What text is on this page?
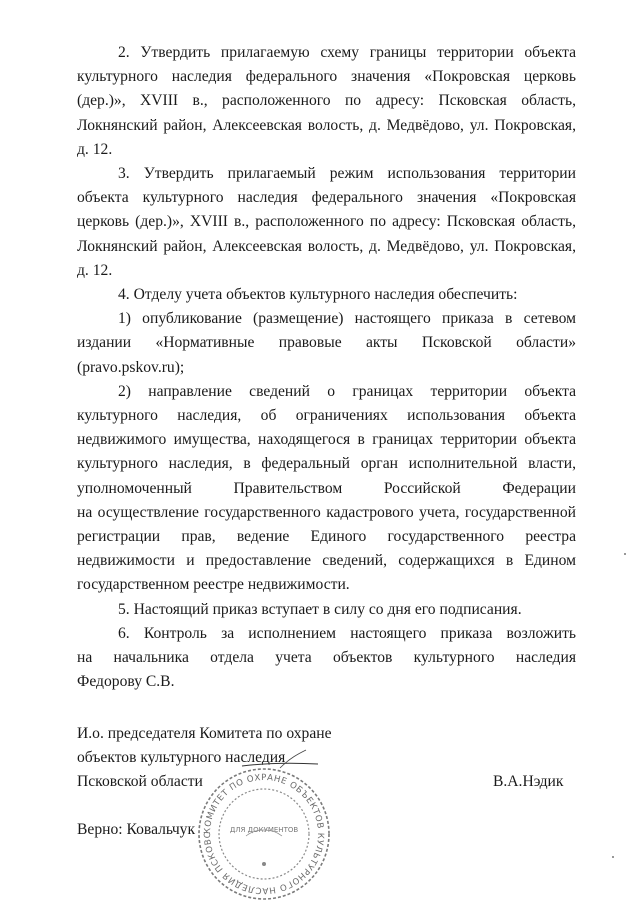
2. Утвердить прилагаемую схему границы территории объекта
культурного наследия федерального значения «Покровская церковь
(дер.)», XVIII в., расположенного по адресу: Псковская область,
Локнянский район, Алексеевская волость, д. Медвёдово, ул. Покровская,
д. 12.

3. Утвердить прилагаемый режим использования территории
объекта культурного наследия федерального значения «Покровская
церковь (дер.)», XVIII в., расположенного по адресу: Псковская область,
Локнянский район, Алексеевская волость, д. Медвёдово, ул. Покровская,
д. 12.

4. Отделу учета объектов культурного наследия обеспечить:

1) опубликование (размещение) настоящего приказа в сетевом
издании «Нормативные правовые акты Псковской области»
(pravo.pskov.ru);

2) направление сведений о границах территории объекта
культурного наследия, об ограничениях использования объекта
недвижимого имущества, находящегося в границах территории объекта
культурного наследия, в федеральный орган исполнительной власти,
уполномоченный Правительством Российской Федерации
на осуществление государственного кадастрового учета, государственной
регистрации прав, ведение Единого государственного реестра
недвижимости и предоставление сведений, содержащихся в Едином
государственном реестре недвижимости.

5. Настоящий приказ вступает в силу со дня его подписания.

6. Контроль за исполнением настоящего приказа возложить
на начальника отдела учета объектов культурного наследия
Федорову С.В.

И.о. председателя Комитета по охране
объектов культурного наследия
Псковской области	В.А.Нэдик
Верно: Ковальчук КОМИТЕТ ПО ОХРАНЕ ОБЪЕКТОВ КУЛЬТУРНОГО НАСЛЕДИЯ ПСКОВС
ДЛЯ ДОКУМЕНТОВ
